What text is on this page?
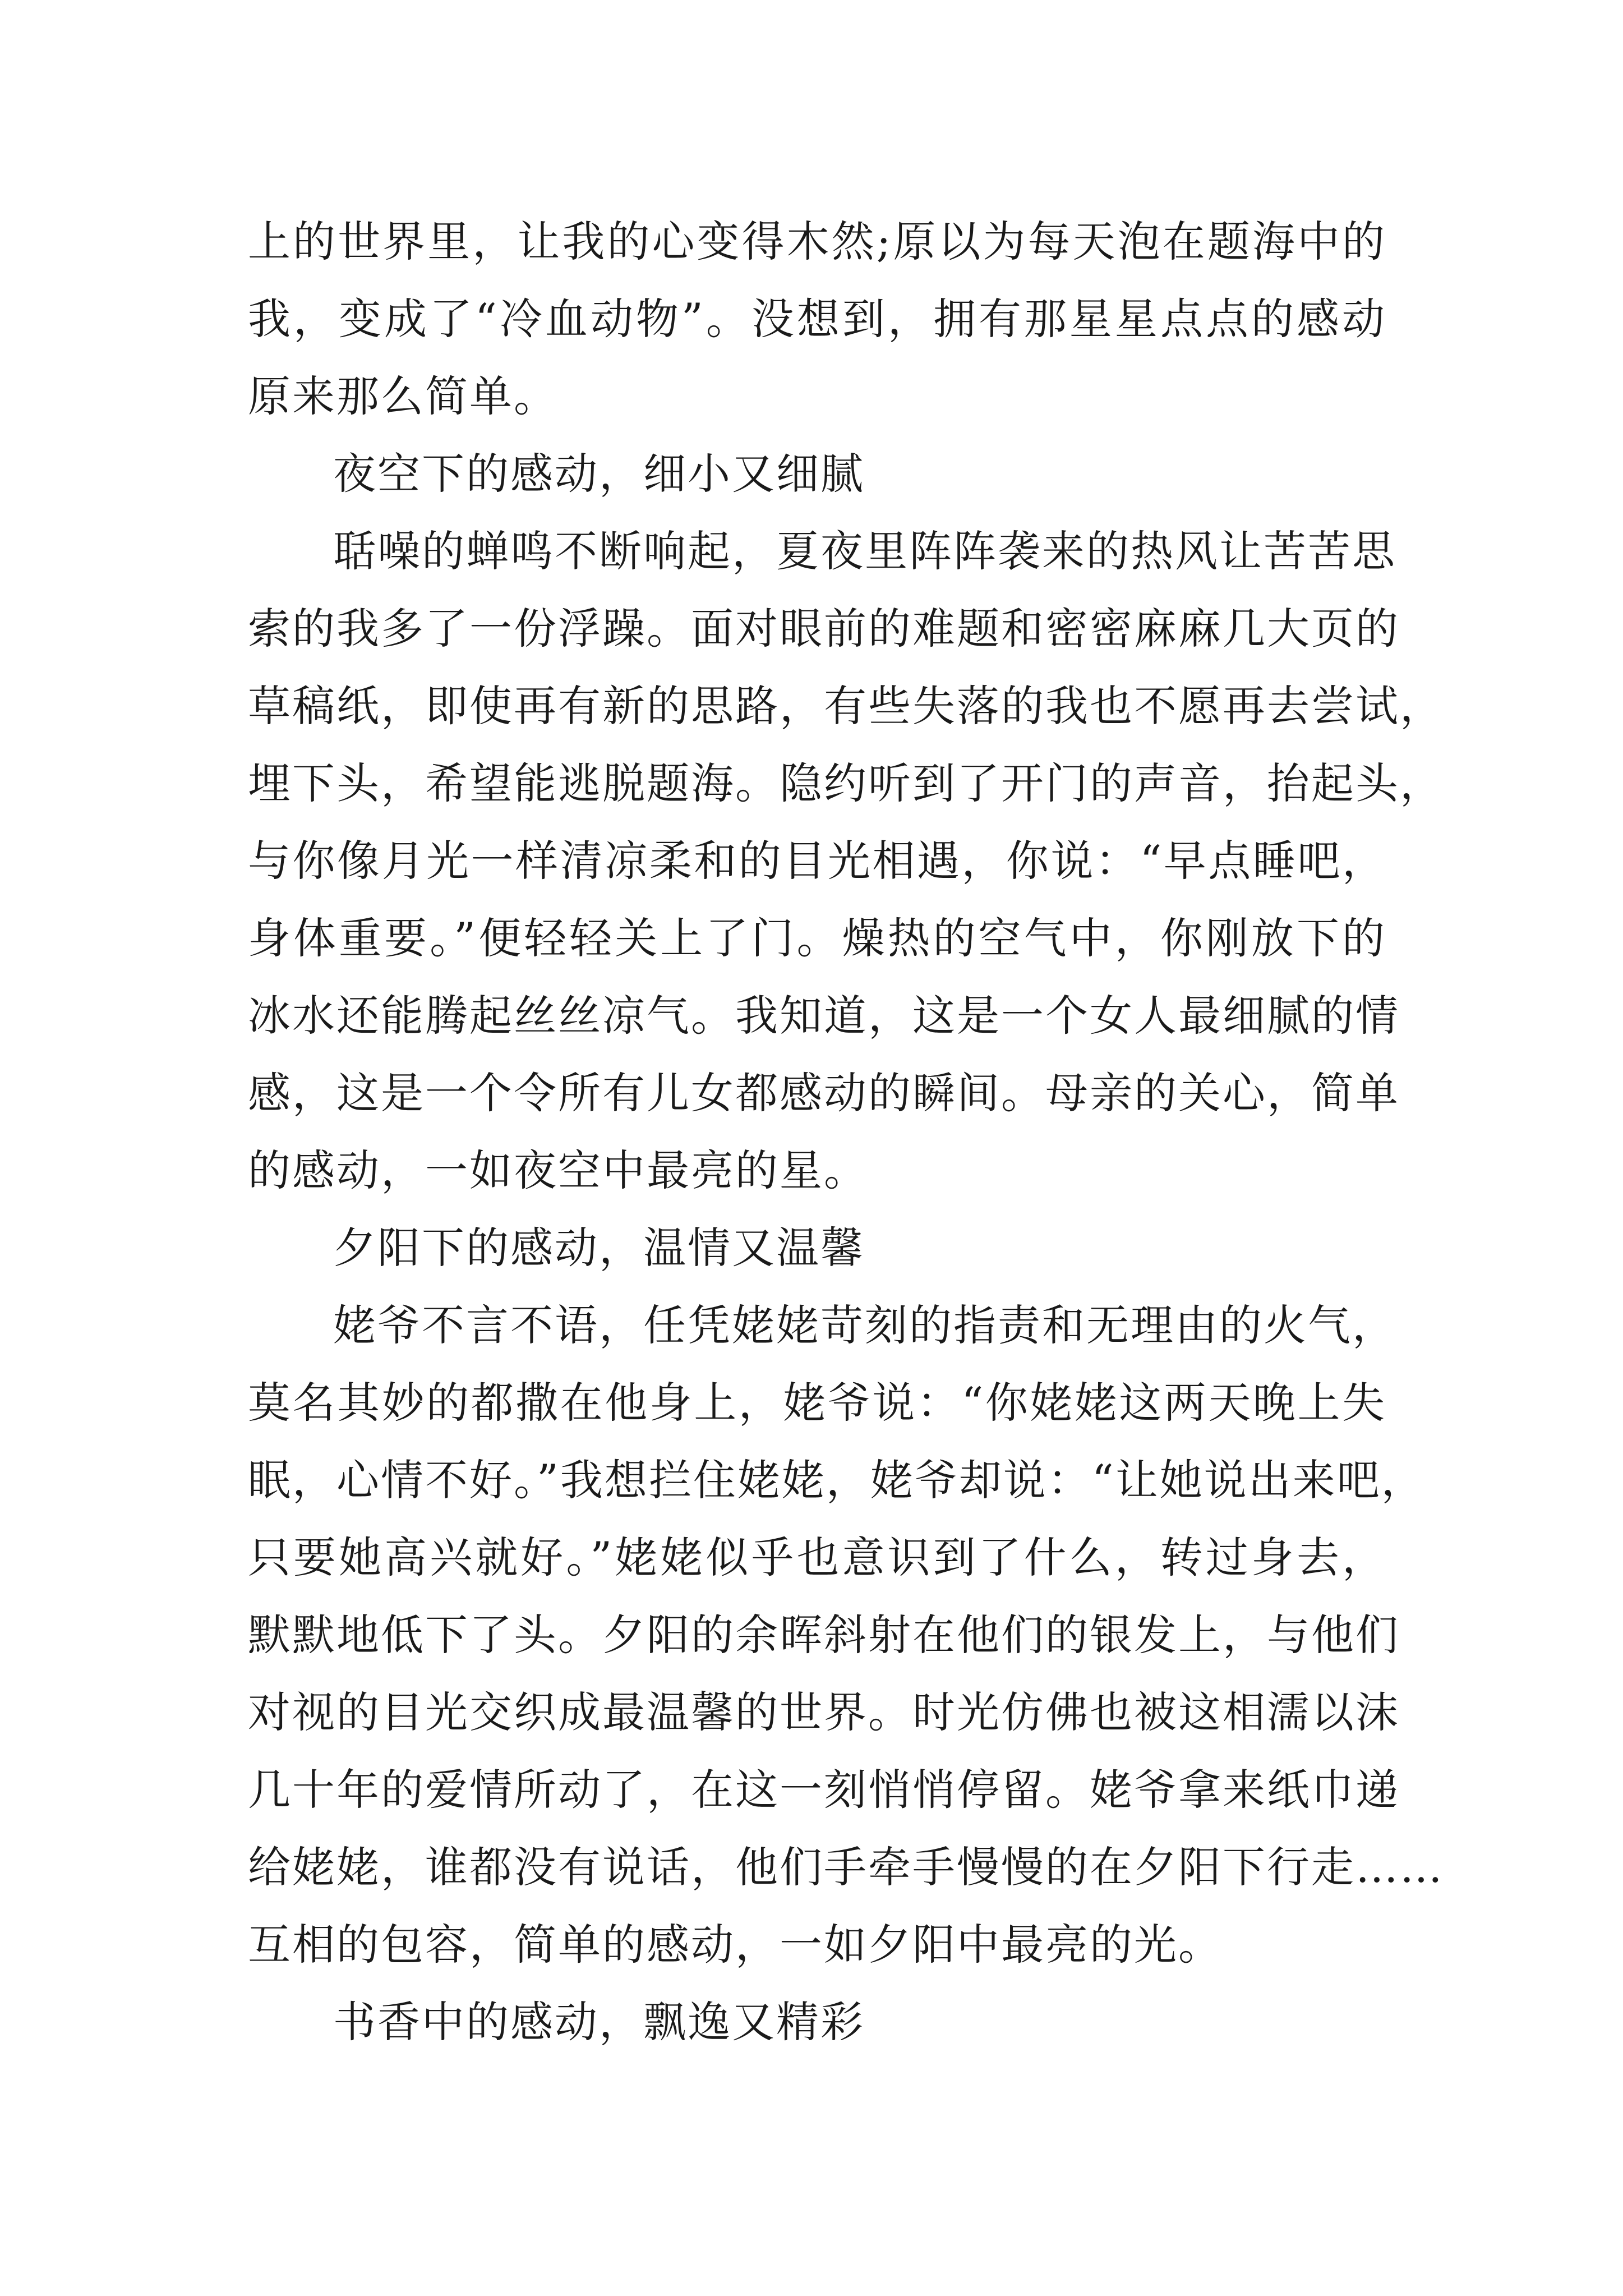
上的世界里，让我的心变得木然;原以为每天泡在题海中的
我，变成了“冷血动物”。没想到，拥有那星星点点的感动
原来那么简单。
夜空下的感动，细小又细腻
聒噪的蝉鸣不断响起，夏夜里阵阵袭来的热风让苦苦思
索的我多了一份浮躁。面对眼前的难题和密密麻麻几大页的
草稿纸，即使再有新的思路，有些失落的我也不愿再去尝试，
埋下头，希望能逃脱题海。隐约听到了开门的声音，抬起头，
与你像月光一样清凉柔和的目光相遇，你说：“早点睡吧，
身体重要。”便轻轻关上了门。燥热的空气中，你刚放下的
冰水还能腾起丝丝凉气。我知道，这是一个女人最细腻的情
感，这是一个令所有儿女都感动的瞬间。母亲的关心，简单
的感动，一如夜空中最亮的星。
夕阳下的感动，温情又温馨
姥爷不言不语，任凭姥姥苛刻的指责和无理由的火气，
莫名其妙的都撒在他身上，姥爷说：“你姥姥这两天晚上失
眠，心情不好。”我想拦住姥姥，姥爷却说：“让她说出来吧，
只要她高兴就好。”姥姥似乎也意识到了什么，转过身去，
默默地低下了头。夕阳的余晖斜射在他们的银发上，与他们
对视的目光交织成最温馨的世界。时光仿佛也被这相濡以沫
几十年的爱情所动了，在这一刻悄悄停留。姥爷拿来纸巾递
给姥姥，谁都没有说话，他们手牵手慢慢的在夕阳下行走……
互相的包容，简单的感动，一如夕阳中最亮的光。
书香中的感动，飘逸又精彩
